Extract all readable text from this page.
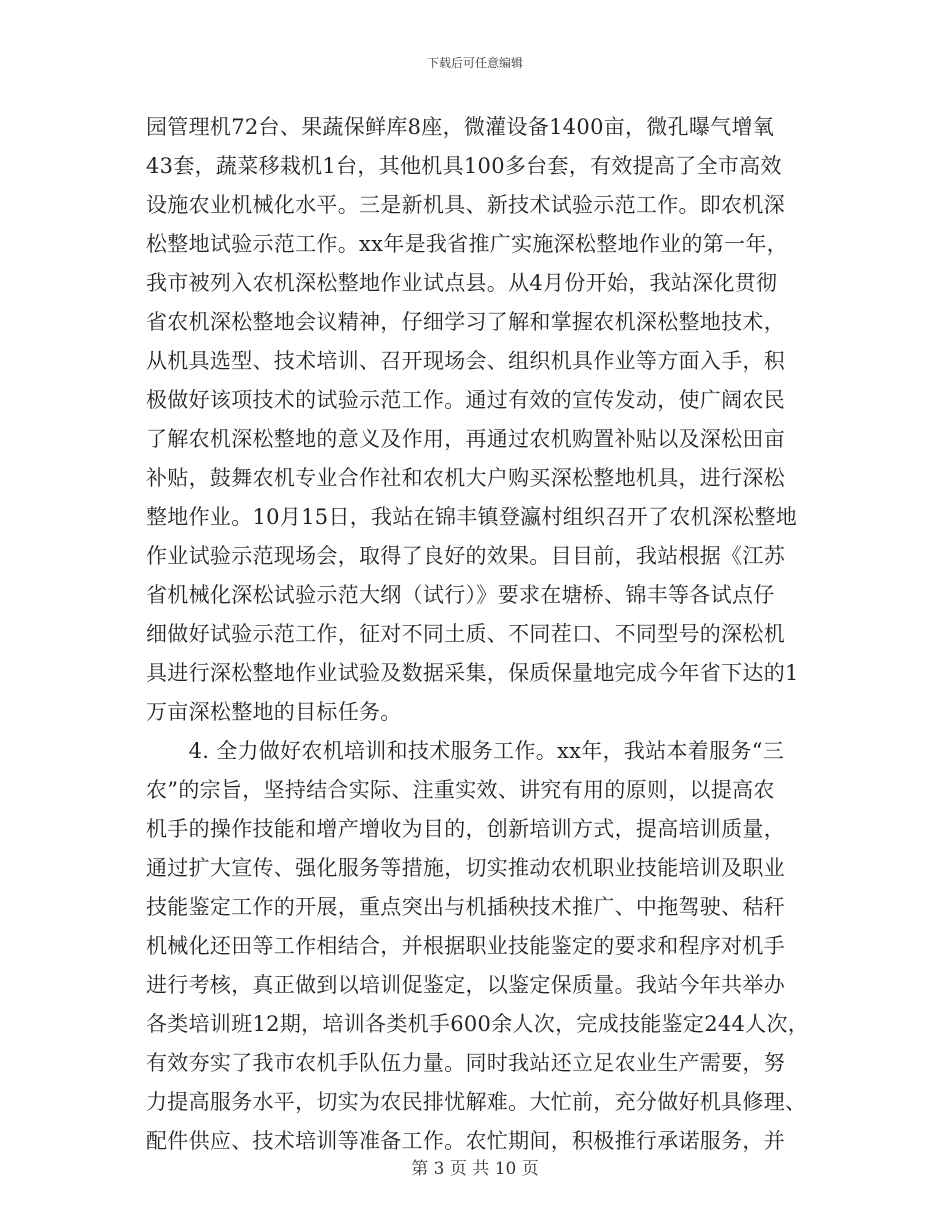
下载后可任意编辑
园管理机72台、果蔬保鲜库8座，微灌设备1400亩，微孔曝气增氧
43套，蔬菜移栽机1台，其他机具100多台套，有效提高了全市高效
设施农业机械化水平。三是新机具、新技术试验示范工作。即农机深
松整地试验示范工作。xx年是我省推广实施深松整地作业的第一年，
我市被列入农机深松整地作业试点县。从4月份开始，我站深化贯彻
省农机深松整地会议精神，仔细学习了解和掌握农机深松整地技术，
从机具选型、技术培训、召开现场会、组织机具作业等方面入手，积
极做好该项技术的试验示范工作。通过有效的宣传发动，使广阔农民
了解农机深松整地的意义及作用，再通过农机购置补贴以及深松田亩
补贴，鼓舞农机专业合作社和农机大户购买深松整地机具，进行深松
整地作业。10月15日，我站在锦丰镇登瀛村组织召开了农机深松整地
作业试验示范现场会，取得了良好的效果。目目前，我站根据《江苏
省机械化深松试验示范大纲（试行）》要求在塘桥、锦丰等各试点仔
细做好试验示范工作，征对不同土质、不同茬口、不同型号的深松机
具进行深松整地作业试验及数据采集，保质保量地完成今年省下达的1
万亩深松整地的目标任务。
　　4. 全力做好农机培训和技术服务工作。xx年，我站本着服务“三
农”的宗旨，坚持结合实际、注重实效、讲究有用的原则，以提高农
机手的操作技能和增产增收为目的，创新培训方式，提高培训质量，
通过扩大宣传、强化服务等措施，切实推动农机职业技能培训及职业
技能鉴定工作的开展，重点突出与机插秧技术推广、中拖驾驶、秸秆
机械化还田等工作相结合，并根据职业技能鉴定的要求和程序对机手
进行考核，真正做到以培训促鉴定，以鉴定保质量。我站今年共举办
各类培训班12期，培训各类机手600余人次，完成技能鉴定244人次，
有效夯实了我市农机手队伍力量。同时我站还立足农业生产需要，努
力提高服务水平，切实为农民排忧解难。大忙前，充分做好机具修理、
配件供应、技术培训等准备工作。农忙期间，积极推行承诺服务，并
第 3 页 共 10 页
